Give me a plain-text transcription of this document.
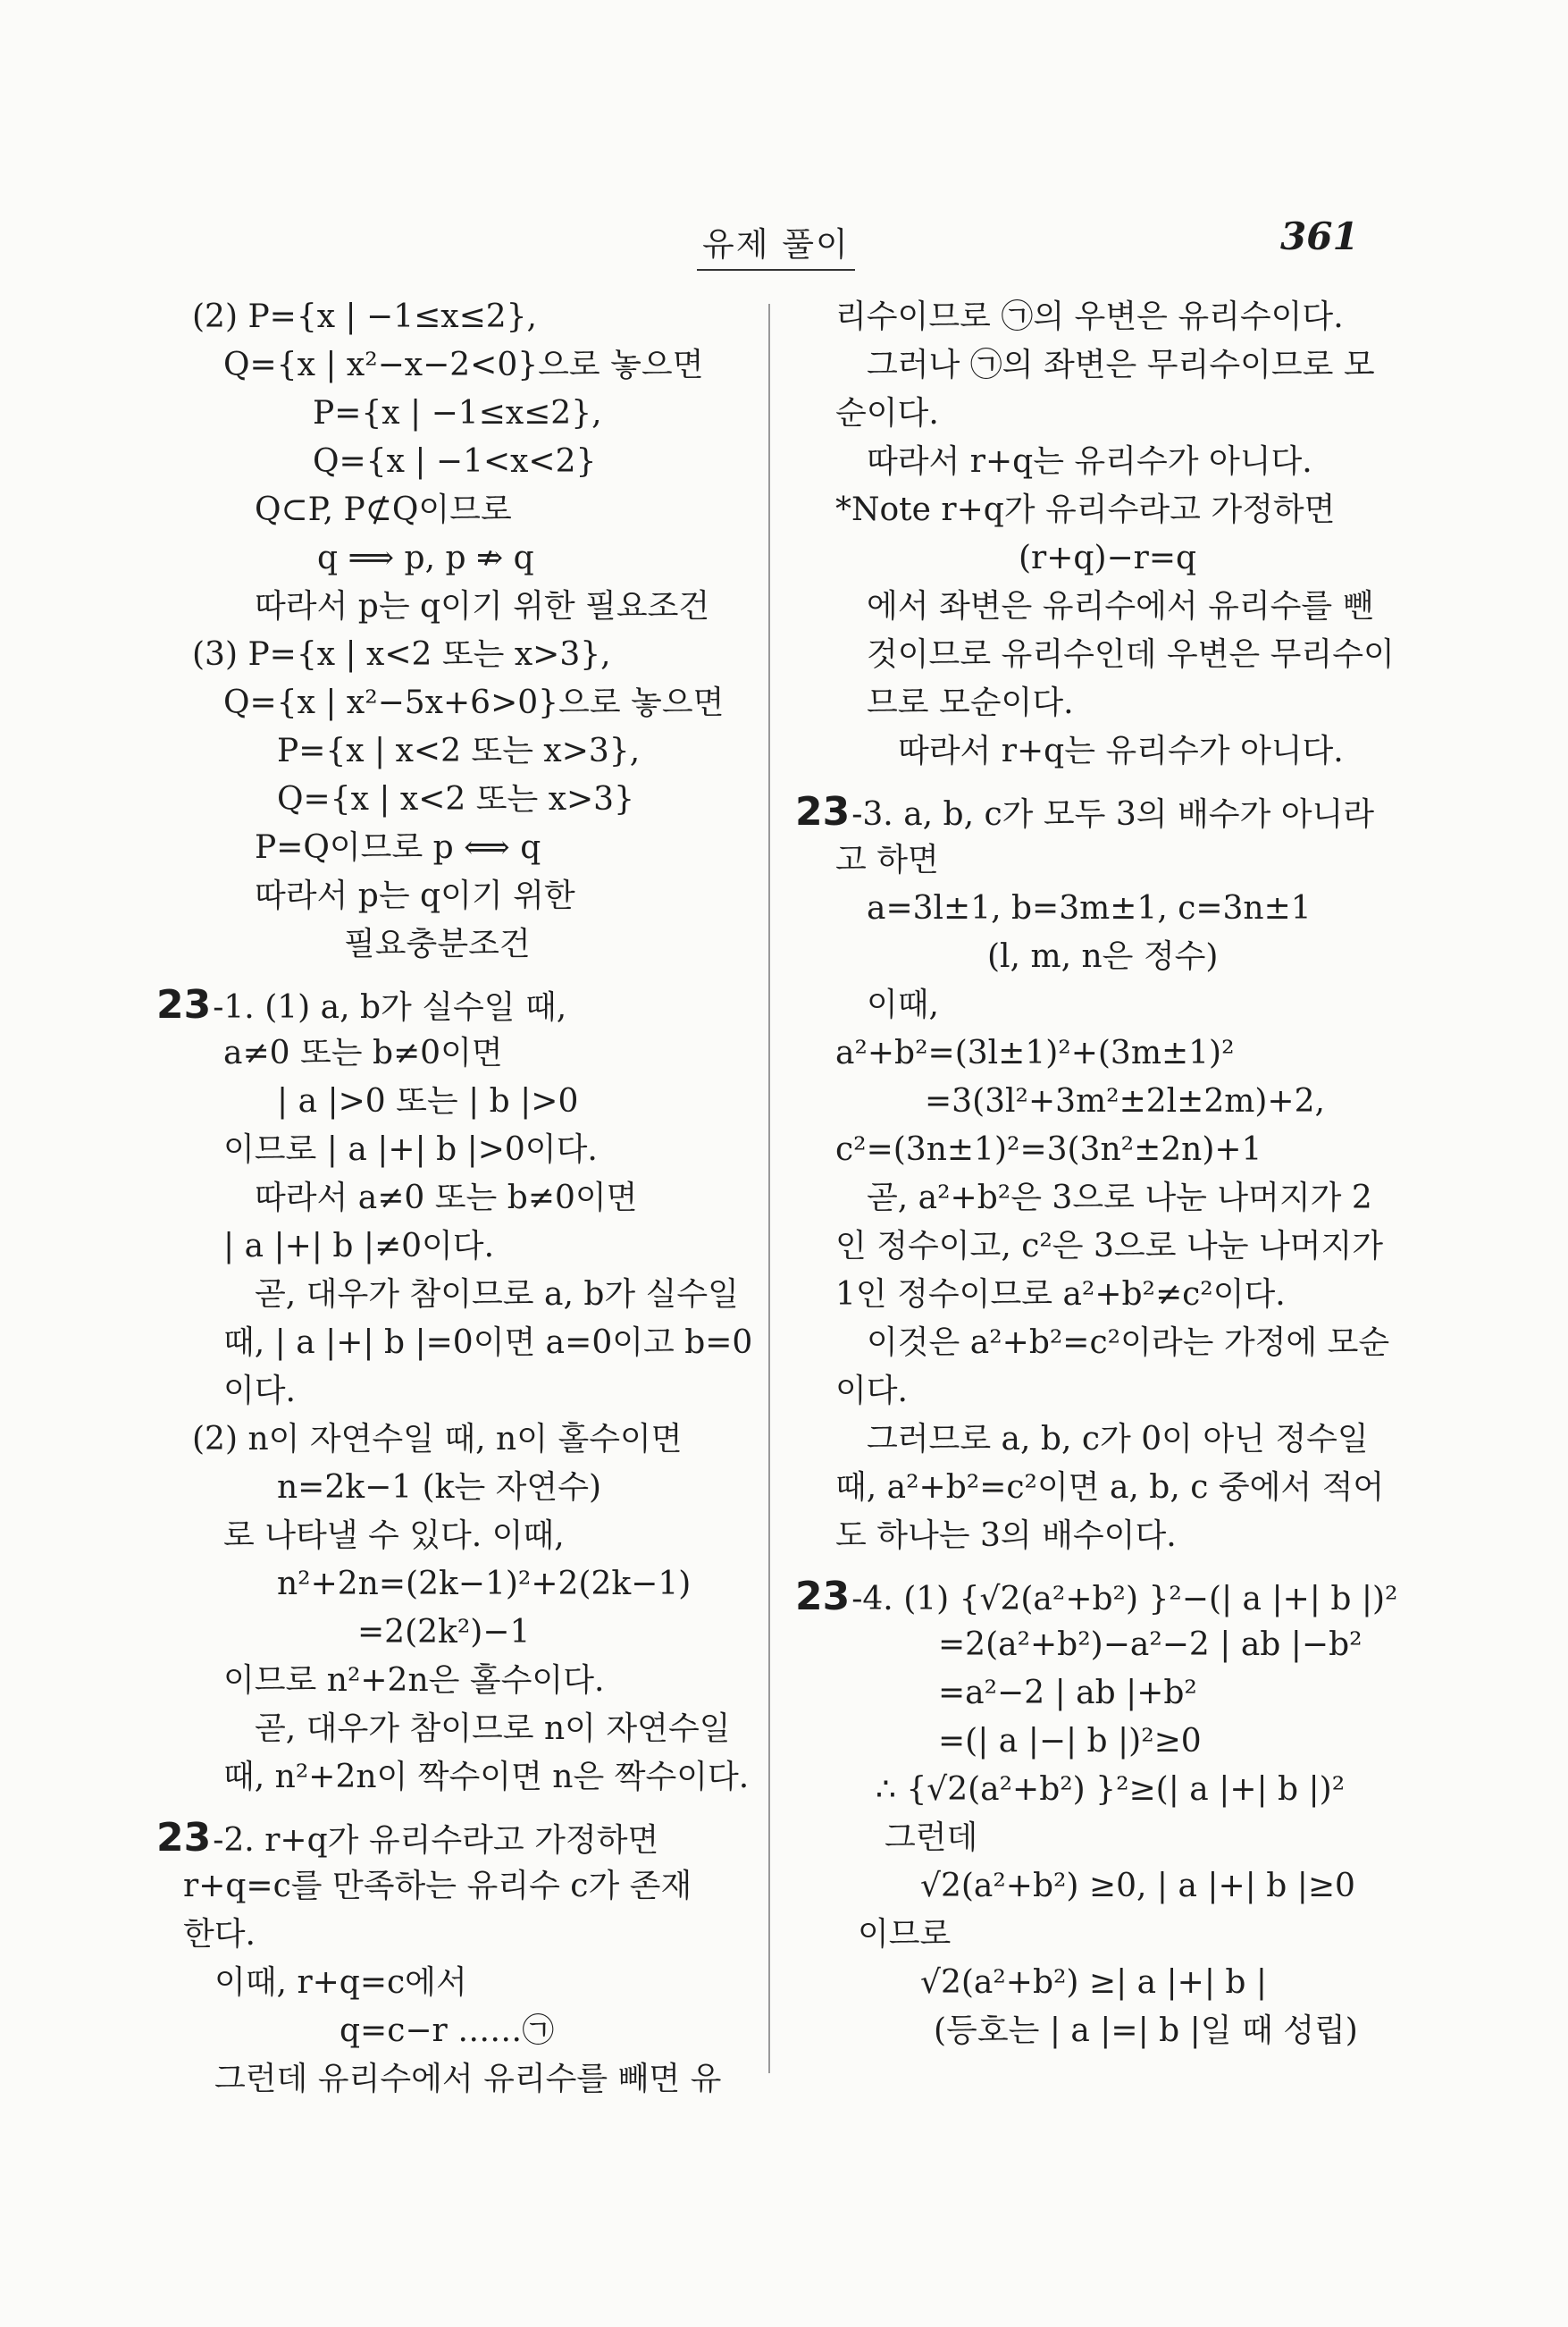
유제 풀이	361
(2) P={x | −1≤x≤2},
Q={x | x²−x−2<0}으로 놓으면
P={x | −1≤x≤2},
Q={x | −1<x<2}
Q⊂P, P⊄Q이므로
q ⟹ p, p ⇏ q
따라서 p는 q이기 위한 필요조건
(3) P={x | x<2 또는 x>3},
Q={x | x²−5x+6>0}으로 놓으면
P={x | x<2 또는 x>3},
Q={x | x<2 또는 x>3}
P=Q이므로 p ⟺ q
따라서 p는 q이기 위한
필요충분조건
23-1. (1) a, b가 실수일 때,
a≠0 또는 b≠0이면
| a |>0 또는 | b |>0
이므로 | a |+| b |>0이다.
따라서 a≠0 또는 b≠0이면
| a |+| b |≠0이다.
곧, 대우가 참이므로 a, b가 실수일
때, | a |+| b |=0이면 a=0이고 b=0
이다.
(2) n이 자연수일 때, n이 홀수이면
n=2k−1 (k는 자연수)
로 나타낼 수 있다. 이때,
n²+2n=(2k−1)²+2(2k−1)
=2(2k²)−1
이므로 n²+2n은 홀수이다.
곧, 대우가 참이므로 n이 자연수일
때, n²+2n이 짝수이면 n은 짝수이다.
23-2. r+q가 유리수라고 가정하면
r+q=c를 만족하는 유리수 c가 존재
한다.
이때, r+q=c에서
q=c−r ……㉠
그런데 유리수에서 유리수를 빼면 유
리수이므로 ㉠의 우변은 유리수이다.
그러나 ㉠의 좌변은 무리수이므로 모
순이다.
따라서 r+q는 유리수가 아니다.
*Note r+q가 유리수라고 가정하면
(r+q)−r=q
에서 좌변은 유리수에서 유리수를 뺀
것이므로 유리수인데 우변은 무리수이
므로 모순이다.
따라서 r+q는 유리수가 아니다.
23-3. a, b, c가 모두 3의 배수가 아니라
고 하면
a=3l±1, b=3m±1, c=3n±1
(l, m, n은 정수)
이때,
a²+b²=(3l±1)²+(3m±1)²
=3(3l²+3m²±2l±2m)+2,
c²=(3n±1)²=3(3n²±2n)+1
곧, a²+b²은 3으로 나눈 나머지가 2
인 정수이고, c²은 3으로 나눈 나머지가
1인 정수이므로 a²+b²≠c²이다.
이것은 a²+b²=c²이라는 가정에 모순
이다.
그러므로 a, b, c가 0이 아닌 정수일
때, a²+b²=c²이면 a, b, c 중에서 적어
도 하나는 3의 배수이다.
23-4. (1) {√2(a²+b²) }²−(| a |+| b |)²
=2(a²+b²)−a²−2 | ab |−b²
=a²−2 | ab |+b²
=(| a |−| b |)²≥0
∴ {√2(a²+b²) }²≥(| a |+| b |)²
그런데
√2(a²+b²) ≥0, | a |+| b |≥0
이므로
√2(a²+b²) ≥| a |+| b |
(등호는 | a |=| b |일 때 성립)
